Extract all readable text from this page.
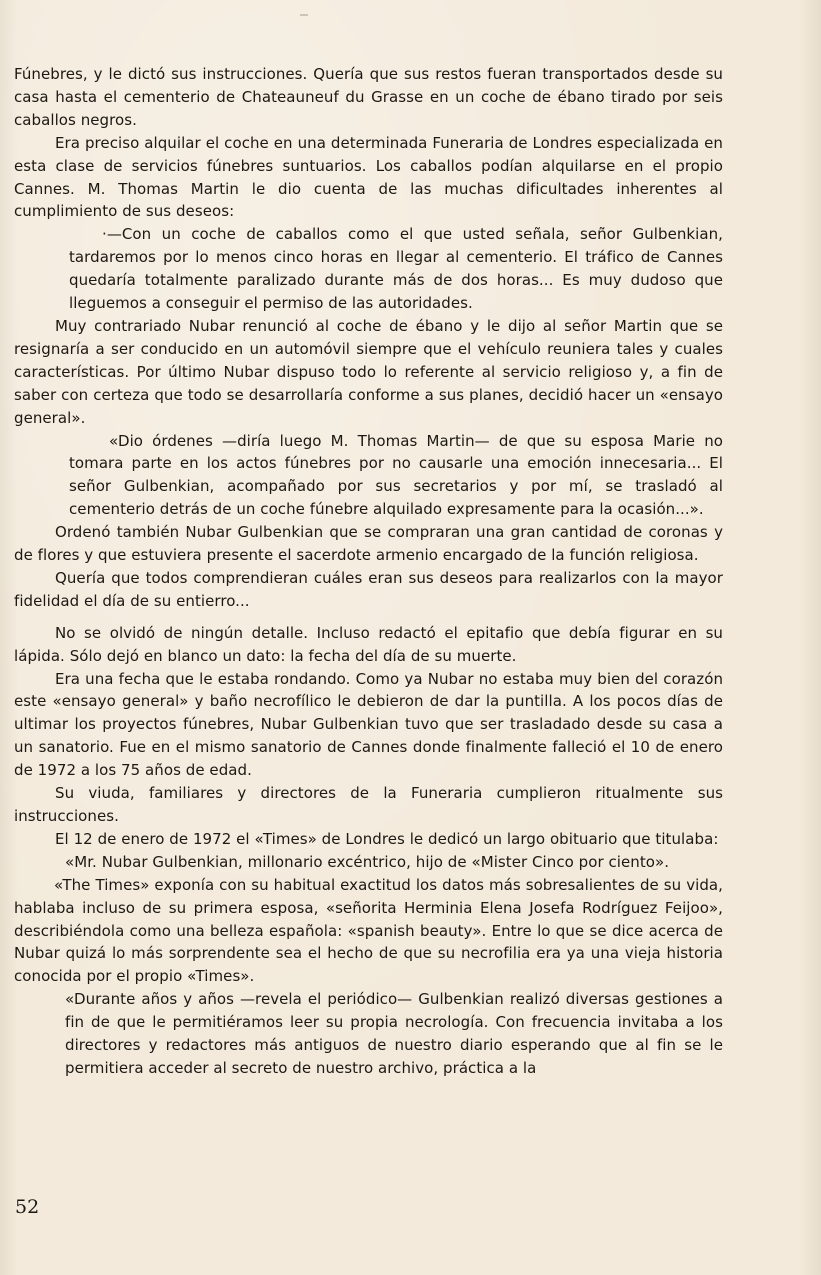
Fúnebres, y le dictó sus instrucciones. Quería que sus restos fueran transportados desde su casa hasta el cementerio de Chateauneuf du Grasse en un coche de ébano tirado por seis caballos negros.

Era preciso alquilar el coche en una determinada Funeraria de Londres especializada en esta clase de servicios fúnebres suntuarios. Los caballos podían alquilarse en el propio Cannes. M. Thomas Martin le dio cuenta de las muchas dificultades inherentes al cumplimiento de sus deseos:

·—Con un coche de caballos como el que usted señala, señor Gulbenkian, tardaremos por lo menos cinco horas en llegar al cementerio. El tráfico de Cannes quedaría totalmente paralizado durante más de dos horas... Es muy dudoso que lleguemos a conseguir el permiso de las autoridades.

Muy contrariado Nubar renunció al coche de ébano y le dijo al señor Martin que se resignaría a ser conducido en un automóvil siempre que el vehículo reuniera tales y cuales características. Por último Nubar dispuso todo lo referente al servicio religioso y, a fin de saber con certeza que todo se desarrollaría conforme a sus planes, decidió hacer un «ensayo general».

«Dio órdenes —diría luego M. Thomas Martin— de que su esposa Marie no tomara parte en los actos fúnebres por no causarle una emoción innecesaria... El señor Gulbenkian, acompañado por sus secretarios y por mí, se trasladó al cementerio detrás de un coche fúnebre alquilado expresamente para la ocasión...».

Ordenó también Nubar Gulbenkian que se compraran una gran cantidad de coronas y de flores y que estuviera presente el sacerdote armenio encargado de la función religiosa.

Quería que todos comprendieran cuáles eran sus deseos para realizarlos con la mayor fidelidad el día de su entierro...

No se olvidó de ningún detalle. Incluso redactó el epitafio que debía figurar en su lápida. Sólo dejó en blanco un dato: la fecha del día de su muerte.

Era una fecha que le estaba rondando. Como ya Nubar no estaba muy bien del corazón este «ensayo general» y baño necrofílico le debieron de dar la puntilla. A los pocos días de ultimar los proyectos fúnebres, Nubar Gulbenkian tuvo que ser trasladado desde su casa a un sanatorio. Fue en el mismo sanatorio de Cannes donde finalmente falleció el 10 de enero de 1972 a los 75 años de edad.

Su viuda, familiares y directores de la Funeraria cumplieron ritualmente sus instrucciones.

El 12 de enero de 1972 el «Times» de Londres le dedicó un largo obituario que titulaba:

«Mr. Nubar Gulbenkian, millonario excéntrico, hijo de «Mister Cinco por ciento».

«The Times» exponía con su habitual exactitud los datos más sobresalientes de su vida, hablaba incluso de su primera esposa, «señorita Herminia Elena Josefa Rodríguez Feijoo», describiéndola como una belleza española: «spanish beauty». Entre lo que se dice acerca de Nubar quizá lo más sorprendente sea el hecho de que su necrofilia era ya una vieja historia conocida por el propio «Times».

«Durante años y años —revela el periódico— Gulbenkian realizó diversas gestiones a fin de que le permitiéramos leer su propia necrología. Con frecuencia invitaba a los directores y redactores más antiguos de nuestro diario esperando que al fin se le permitiera acceder al secreto de nuestro archivo, práctica a la

52
